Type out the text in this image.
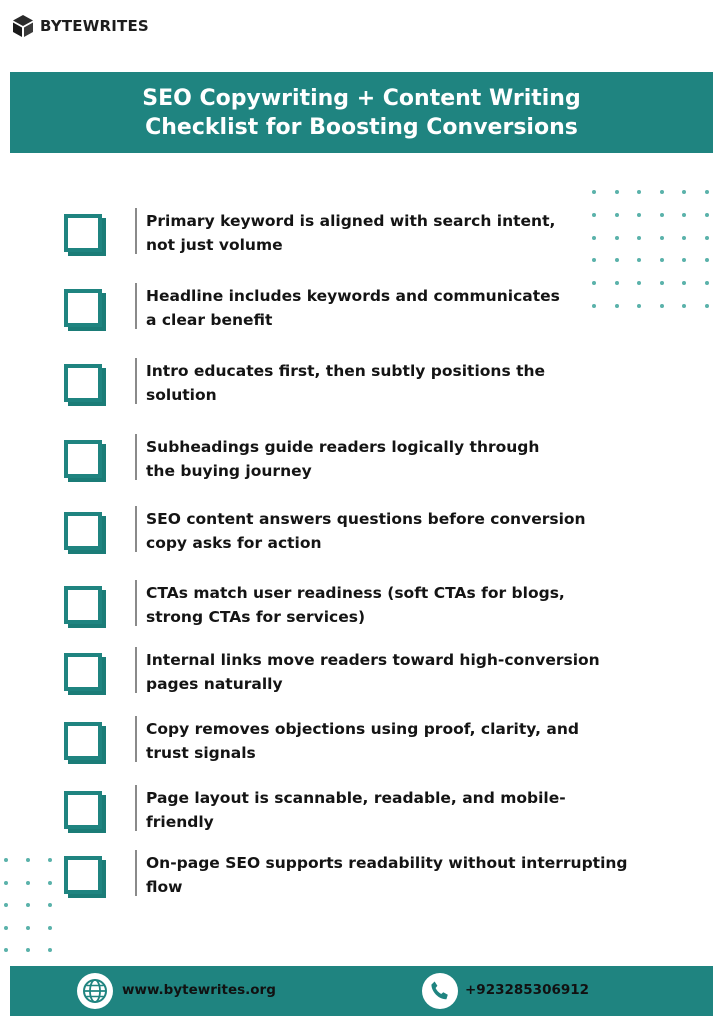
BYTEWRITES
SEO Copywriting + Content Writing
Checklist for Boosting Conversions
Primary keyword is aligned with search intent,
not just volume
Headline includes keywords and communicates
a clear benefit
Intro educates first, then subtly positions the
solution
Subheadings guide readers logically through
the buying journey
SEO content answers questions before conversion
copy asks for action
CTAs match user readiness (soft CTAs for blogs,
strong CTAs for services)
Internal links move readers toward high-conversion
pages naturally
Copy removes objections using proof, clarity, and
trust signals
Page layout is scannable, readable, and mobile-
friendly
On-page SEO supports readability without interrupting
flow
www.bytewrites.org	+923285306912
